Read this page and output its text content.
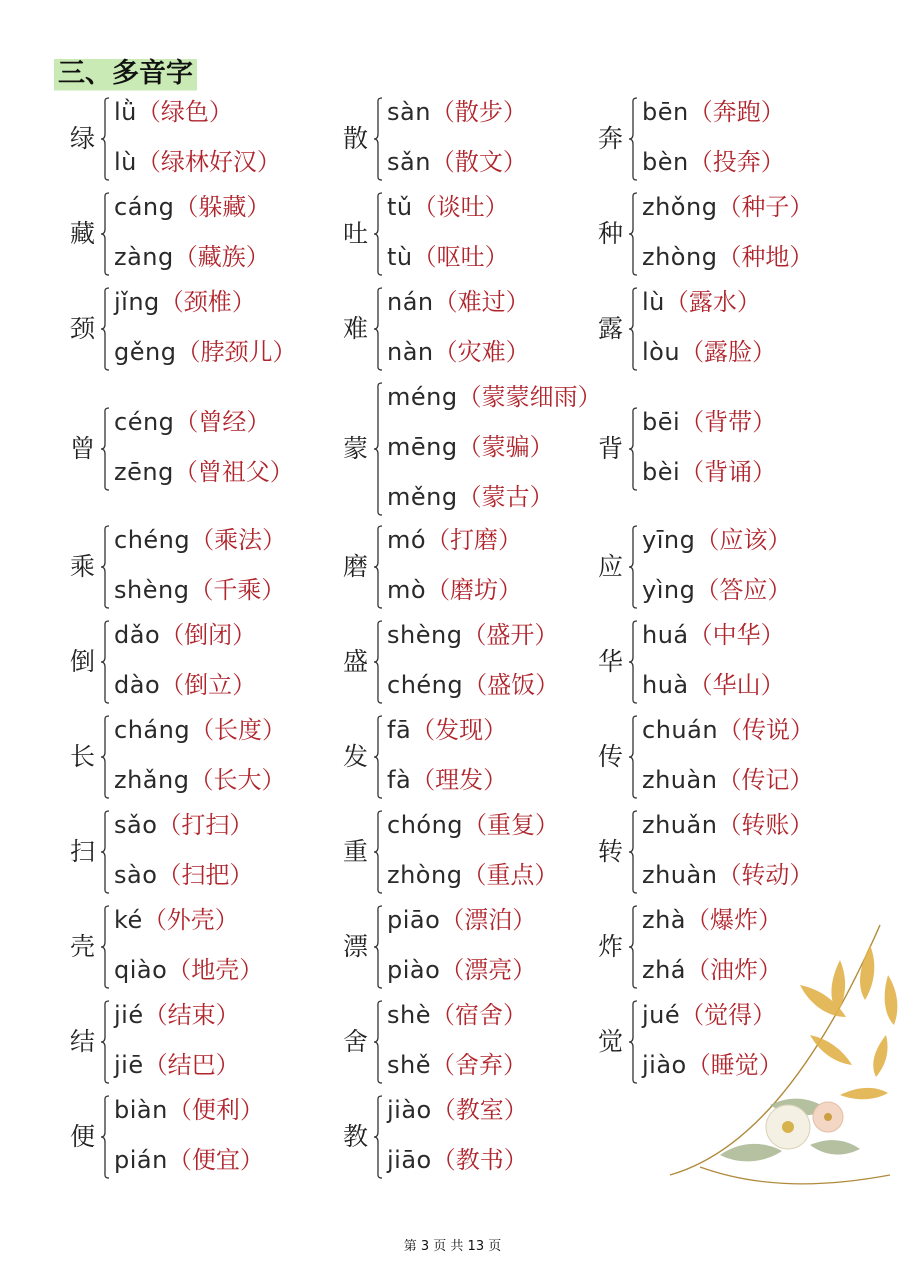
三、多音字
绿
lǜ（绿色）
lù（绿林好汉）
散
sàn（散步）
sǎn（散文）
奔
bēn（奔跑）
bèn（投奔）
藏
cáng（躲藏）
zàng（藏族）
吐
tǔ（谈吐）
tù（呕吐）
种
zhǒng（种子）
zhòng（种地）
颈
jǐng（颈椎）
gěng（脖颈儿）
难
nán（难过）
nàn（灾难）
露
lù（露水）
lòu（露脸）
曾
céng（曾经）
zēng（曾祖父）
蒙
méng（蒙蒙细雨）
mēng（蒙骗）
měng（蒙古）
背
bēi（背带）
bèi（背诵）
乘
chéng（乘法）
shèng（千乘）
磨
mó（打磨）
mò（磨坊）
应
yīng（应该）
yìng（答应）
倒
dǎo（倒闭）
dào（倒立）
盛
shèng（盛开）
chéng（盛饭）
华
huá（中华）
huà（华山）
长
cháng（长度）
zhǎng（长大）
发
fā（发现）
fà（理发）
传
chuán（传说）
zhuàn（传记）
扫
sǎo（打扫）
sào（扫把）
重
chóng（重复）
zhòng（重点）
转
zhuǎn（转账）
zhuàn（转动）
壳
ké（外壳）
qiào（地壳）
漂
piāo（漂泊）
piào（漂亮）
炸
zhà（爆炸）
zhá（油炸）
结
jié（结束）
jiē（结巴）
舍
shè（宿舍）
shě（舍弃）
觉
jué（觉得）
jiào（睡觉）
便
biàn（便利）
pián（便宜）
教
jiào（教室）
jiāo（教书）
第 3 页 共 13 页
